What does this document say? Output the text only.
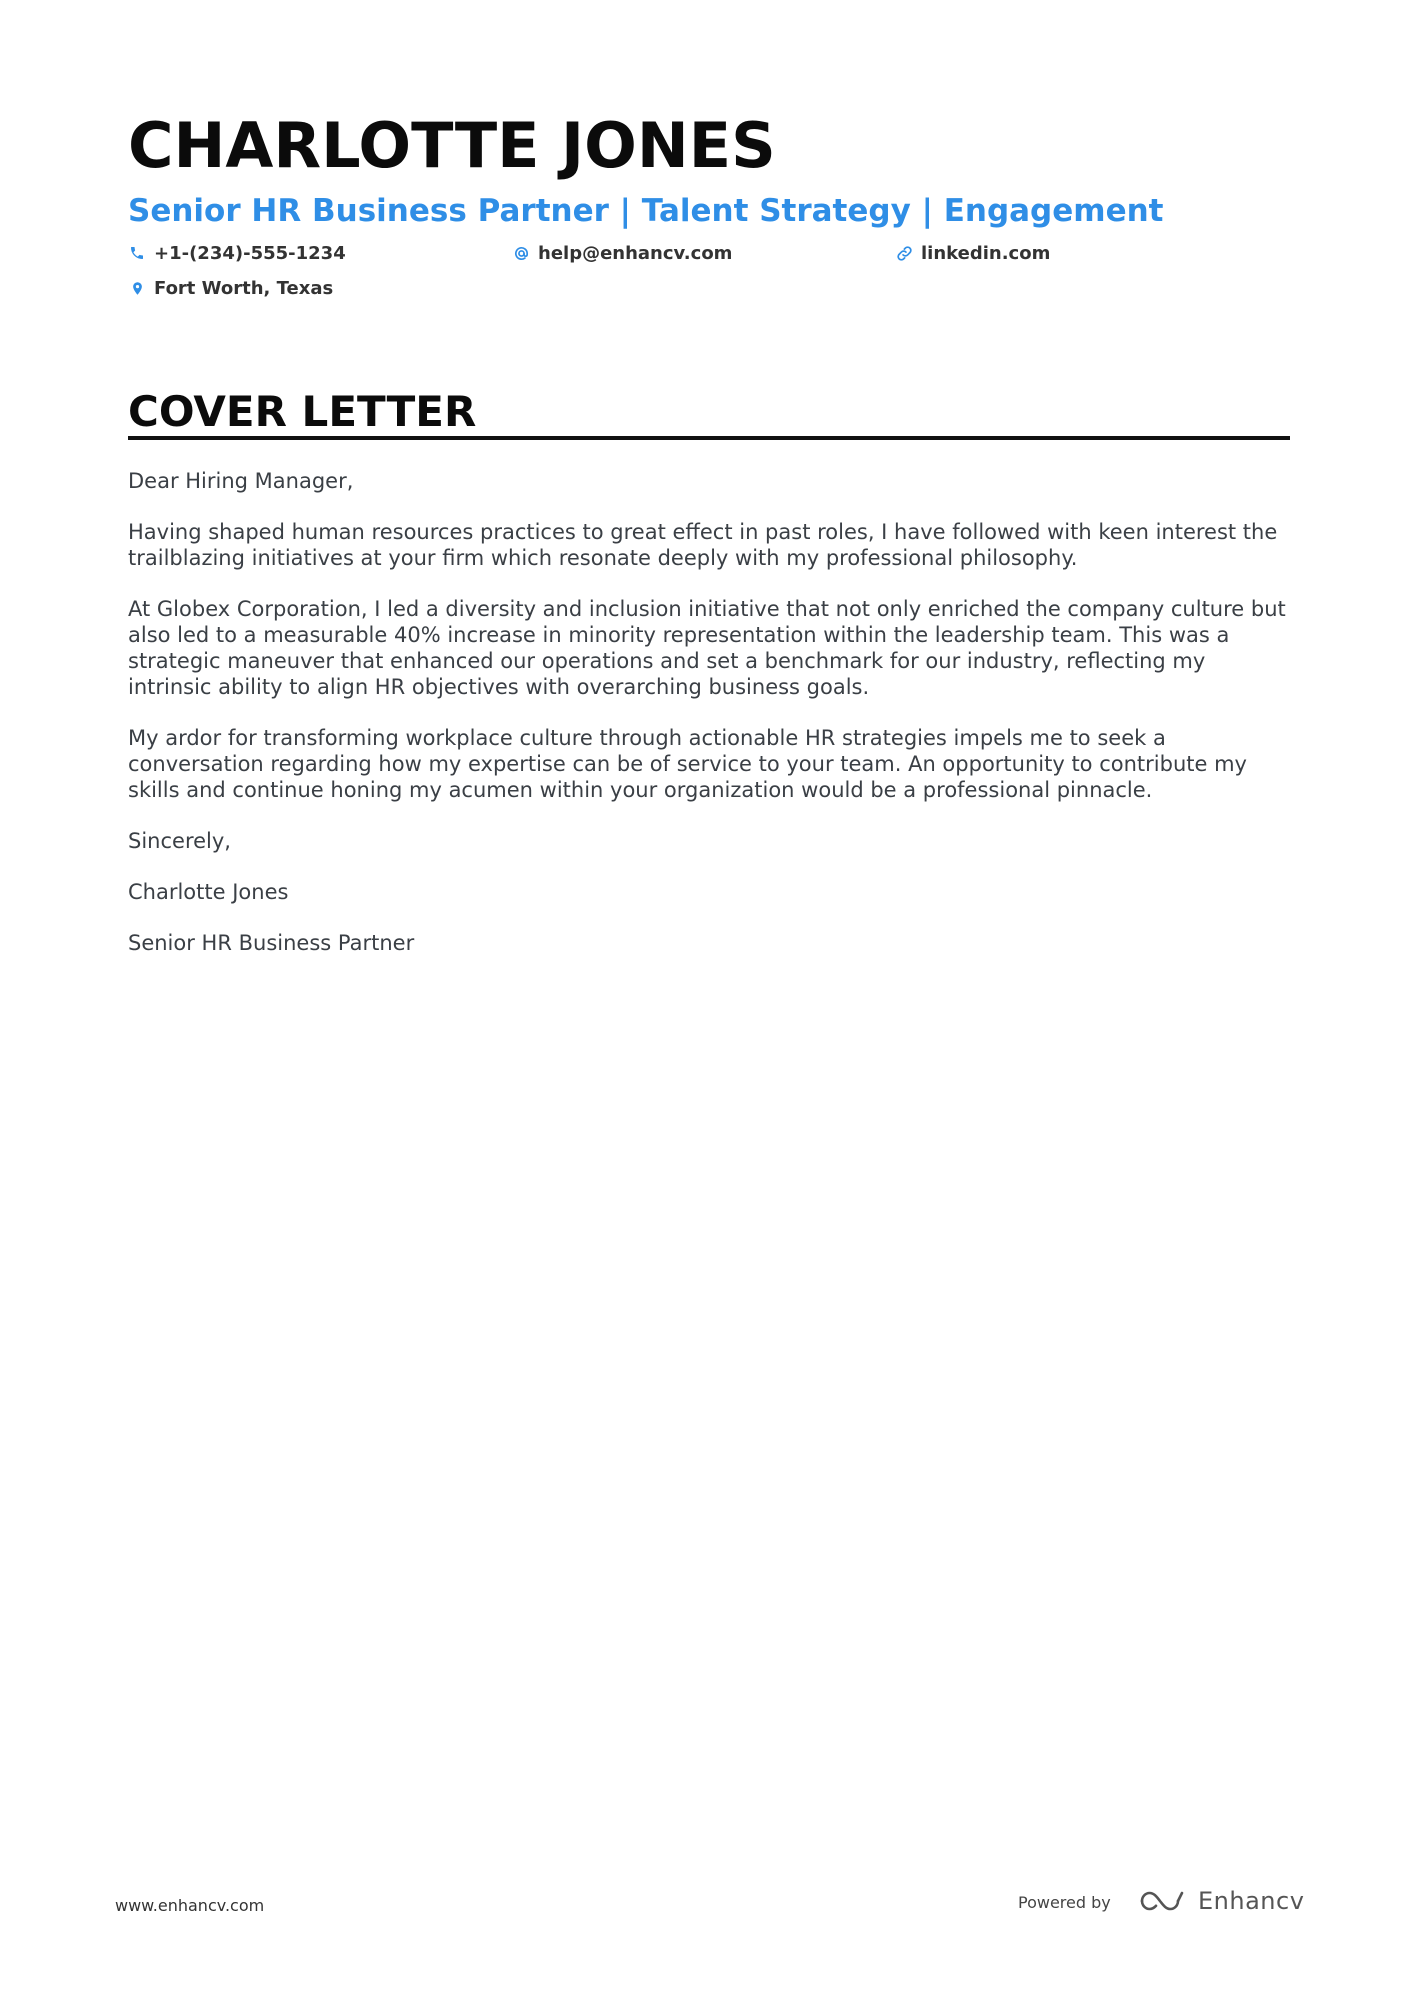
CHARLOTTE JONES
Senior HR Business Partner | Talent Strategy | Engagement
+1-(234)-555-1234	help@enhancv.com	linkedin.com
Fort Worth, Texas
COVER LETTER

Dear Hiring Manager,

Having shaped human resources practices to great effect in past roles, I have followed with keen interest the trailblazing initiatives at your firm which resonate deeply with my professional philosophy.

At Globex Corporation, I led a diversity and inclusion initiative that not only enriched the company culture but also led to a measurable 40% increase in minority representation within the leadership team. This was a strategic maneuver that enhanced our operations and set a benchmark for our industry, reflecting my intrinsic ability to align HR objectives with overarching business goals.

My ardor for transforming workplace culture through actionable HR strategies impels me to seek a conversation regarding how my expertise can be of service to your team. An opportunity to contribute my skills and continue honing my acumen within your organization would be a professional pinnacle.

Sincerely,

Charlotte Jones

Senior HR Business Partner

www.enhancv.com	Powered by	Enhancv
